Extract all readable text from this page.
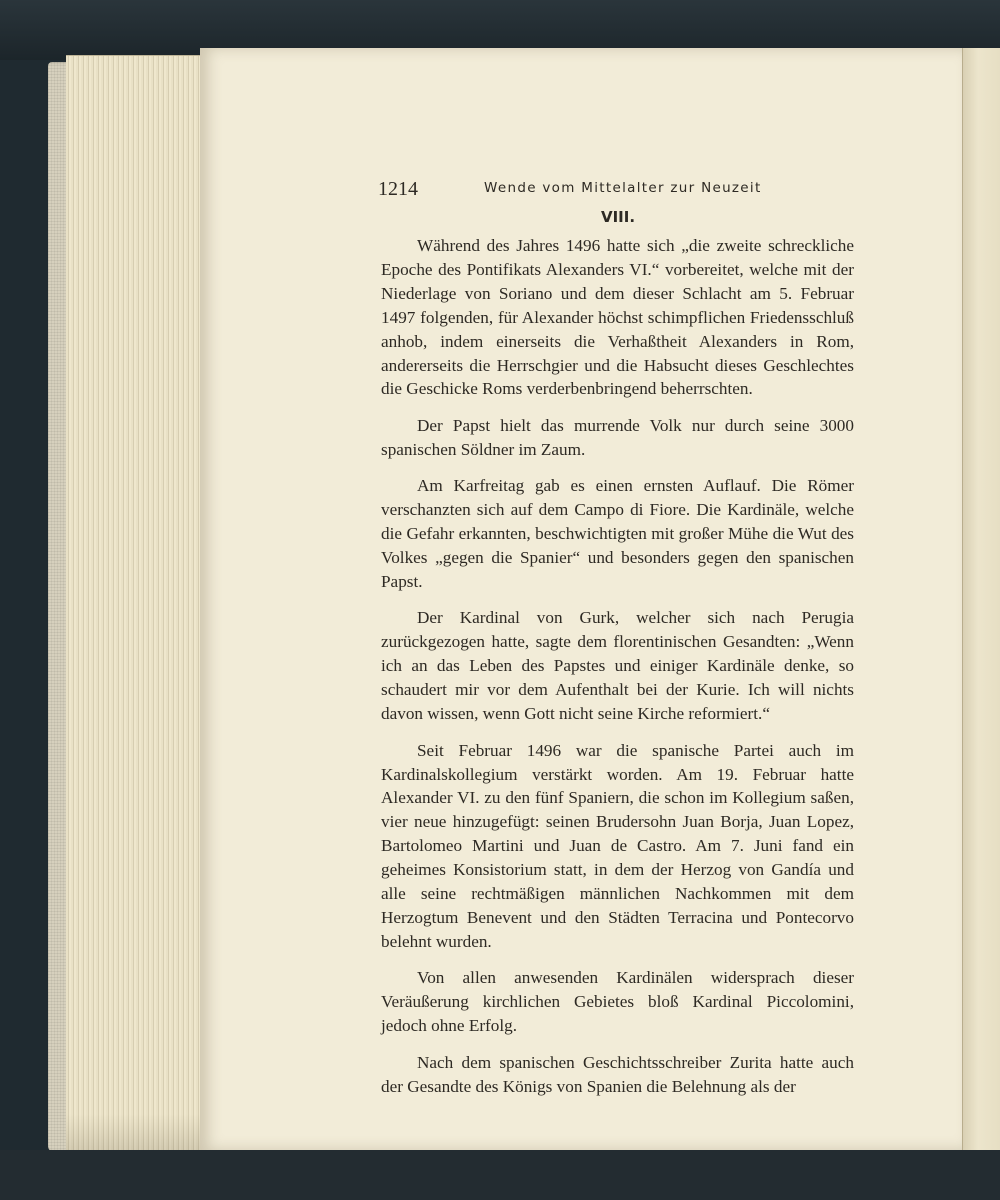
1214	Wende vom Mittelalter zur Neuzeit
VIII.

Während des Jahres 1496 hatte sich „die zweite schreckliche Epoche des Pontifikats Alexanders VI.“ vorbereitet, welche mit der Niederlage von Soriano und dem dieser Schlacht am 5. Februar 1497 folgenden, für Alexander höchst schimpflichen Friedensschluß anhob, indem einerseits die Verhaßtheit Alexanders in Rom, andererseits die Herrschgier und die Habsucht dieses Geschlechtes die Geschicke Roms verderbenbringend beherrschten.

Der Papst hielt das murrende Volk nur durch seine 3000 spanischen Söldner im Zaum.

Am Karfreitag gab es einen ernsten Auflauf. Die Römer verschanzten sich auf dem Campo di Fiore. Die Kardinäle, welche die Gefahr erkannten, beschwichtigten mit großer Mühe die Wut des Volkes „gegen die Spanier“ und besonders gegen den spanischen Papst.

Der Kardinal von Gurk, welcher sich nach Perugia zurückgezogen hatte, sagte dem florentinischen Gesandten: „Wenn ich an das Leben des Papstes und einiger Kardinäle denke, so schaudert mir vor dem Aufenthalt bei der Kurie. Ich will nichts davon wissen, wenn Gott nicht seine Kirche reformiert.“

Seit Februar 1496 war die spanische Partei auch im Kardinalskollegium verstärkt worden. Am 19. Februar hatte Alexander VI. zu den fünf Spaniern, die schon im Kollegium saßen, vier neue hinzugefügt: seinen Brudersohn Juan Borja, Juan Lopez, Bartolomeo Martini und Juan de Castro. Am 7. Juni fand ein geheimes Konsistorium statt, in dem der Herzog von Gandía und alle seine rechtmäßigen männlichen Nachkommen mit dem Herzogtum Benevent und den Städten Terracina und Pontecorvo belehnt wurden.

Von allen anwesenden Kardinälen widersprach dieser Veräußerung kirchlichen Gebietes bloß Kardinal Piccolomini, jedoch ohne Erfolg.

Nach dem spanischen Geschichtsschreiber Zurita hatte auch der Gesandte des Königs von Spanien die Belehnung als der
